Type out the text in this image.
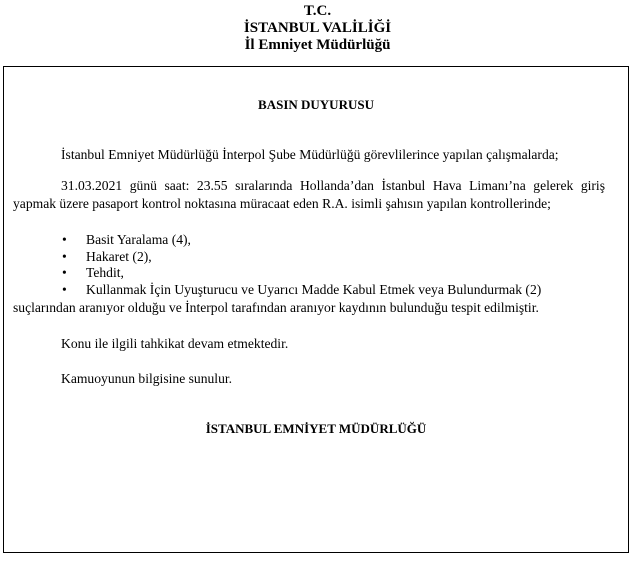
T.C.
İSTANBUL VALİLİĞİ
İl Emniyet Müdürlüğü
BASIN DUYURUSU
İstanbul Emniyet Müdürlüğü İnterpol Şube Müdürlüğü görevlilerince yapılan çalışmalarda;
31.03.2021 günü saat: 23.55 sıralarında Hollanda’dan İstanbul Hava Limanı’na gelerek giriş yapmak üzere pasaport kontrol noktasına müracaat eden R.A. isimli şahısın yapılan kontrollerinde;
• Basit Yaralama (4),
• Hakaret (2),
• Tehdit,
• Kullanmak İçin Uyuşturucu ve Uyarıcı Madde Kabul Etmek veya Bulundurmak (2)
suçlarından aranıyor olduğu ve İnterpol tarafından aranıyor kaydının bulunduğu tespit edilmiştir.
Konu ile ilgili tahkikat devam etmektedir.
Kamuoyunun bilgisine sunulur.
İSTANBUL EMNİYET MÜDÜRLÜĞÜ
